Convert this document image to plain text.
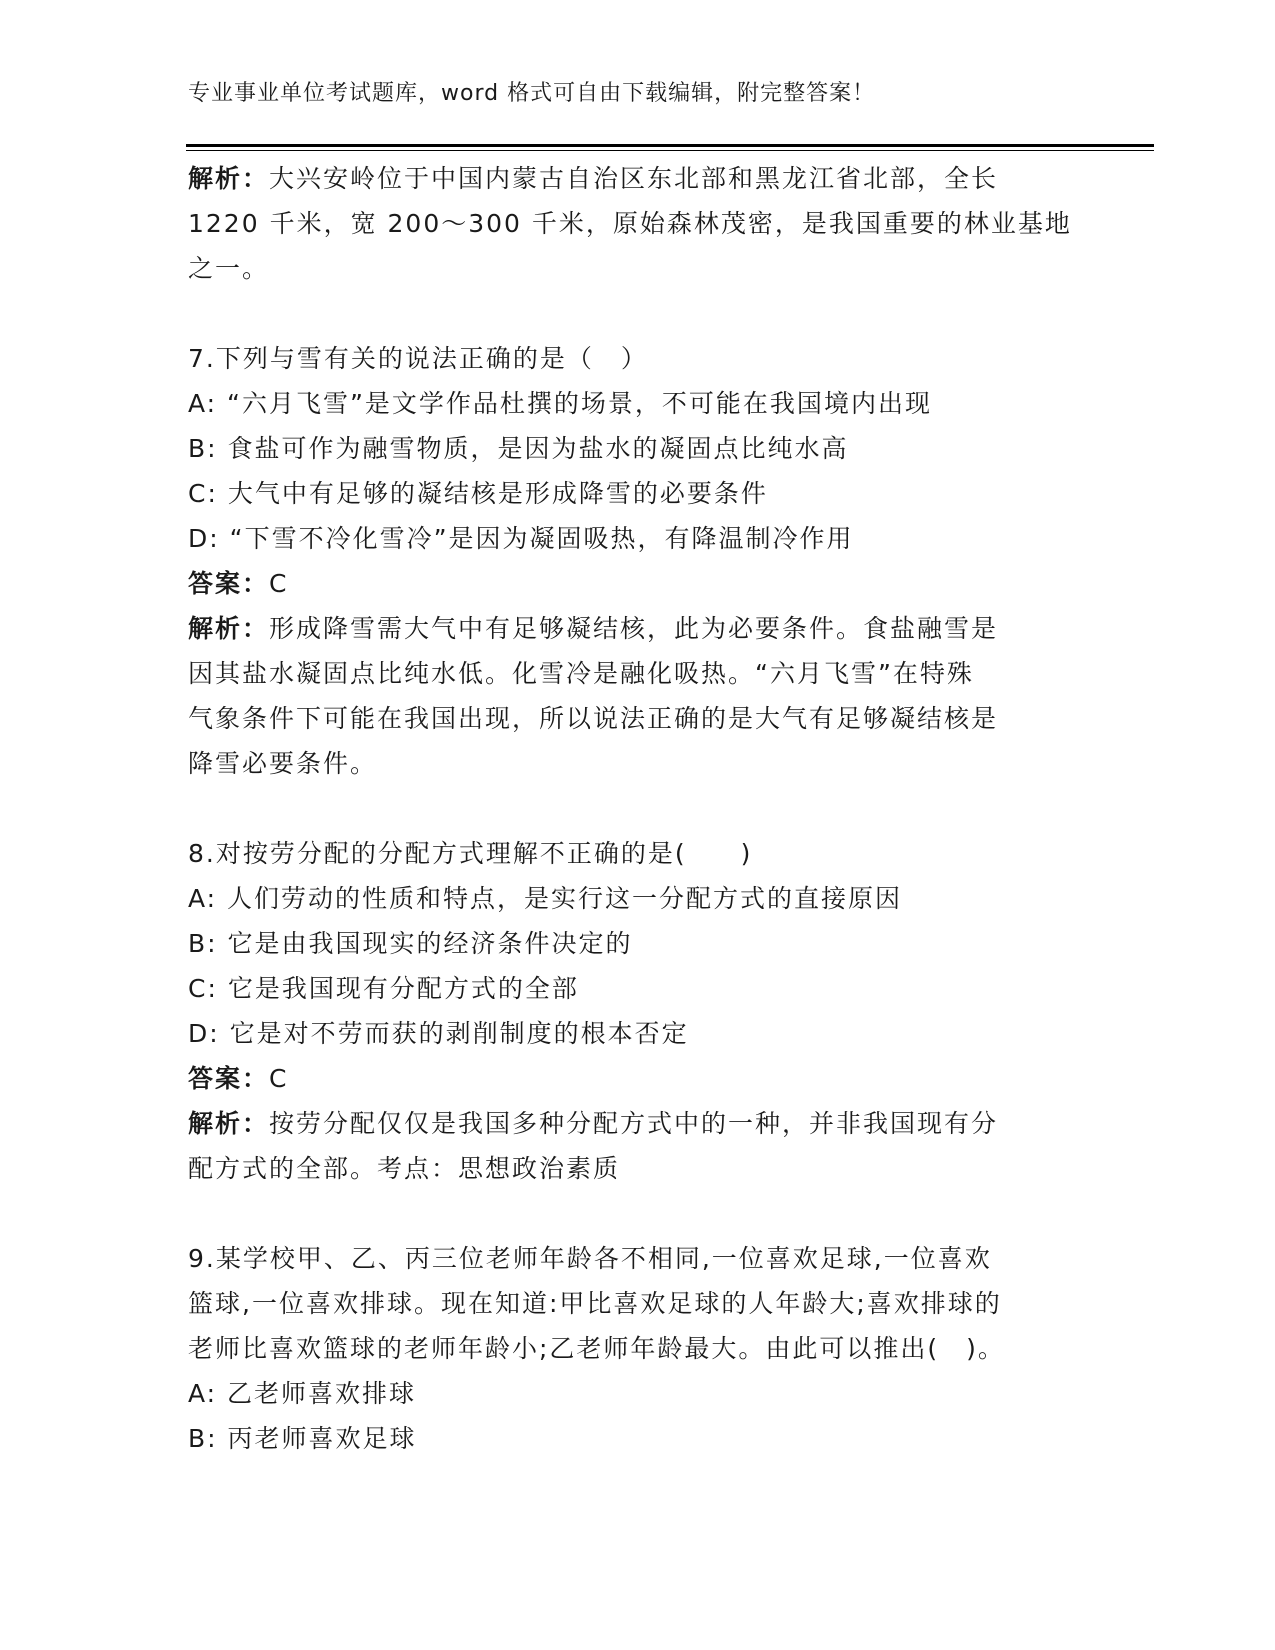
专业事业单位考试题库，word 格式可自由下载编辑，附完整答案！
解析：大兴安岭位于中国内蒙古自治区东北部和黑龙江省北部，全长
1220 千米，宽 200～300 千米，原始森林茂密，是我国重要的林业基地
之一。
7.下列与雪有关的说法正确的是（　）
A: “六月飞雪”是文学作品杜撰的场景，不可能在我国境内出现
B: 食盐可作为融雪物质，是因为盐水的凝固点比纯水高
C: 大气中有足够的凝结核是形成降雪的必要条件
D: “下雪不冷化雪冷”是因为凝固吸热，有降温制冷作用
答案：C
解析：形成降雪需大气中有足够凝结核，此为必要条件。食盐融雪是
因其盐水凝固点比纯水低。化雪冷是融化吸热。“六月飞雪”在特殊
气象条件下可能在我国出现，所以说法正确的是大气有足够凝结核是
降雪必要条件。
8.对按劳分配的分配方式理解不正确的是(　　)
A: 人们劳动的性质和特点，是实行这一分配方式的直接原因
B: 它是由我国现实的经济条件决定的
C: 它是我国现有分配方式的全部
D: 它是对不劳而获的剥削制度的根本否定
答案：C
解析：按劳分配仅仅是我国多种分配方式中的一种，并非我国现有分
配方式的全部。考点：思想政治素质
9.某学校甲、乙、丙三位老师年龄各不相同,一位喜欢足球,一位喜欢
篮球,一位喜欢排球。现在知道:甲比喜欢足球的人年龄大;喜欢排球的
老师比喜欢篮球的老师年龄小;乙老师年龄最大。由此可以推出(　)。
A: 乙老师喜欢排球
B: 丙老师喜欢足球
